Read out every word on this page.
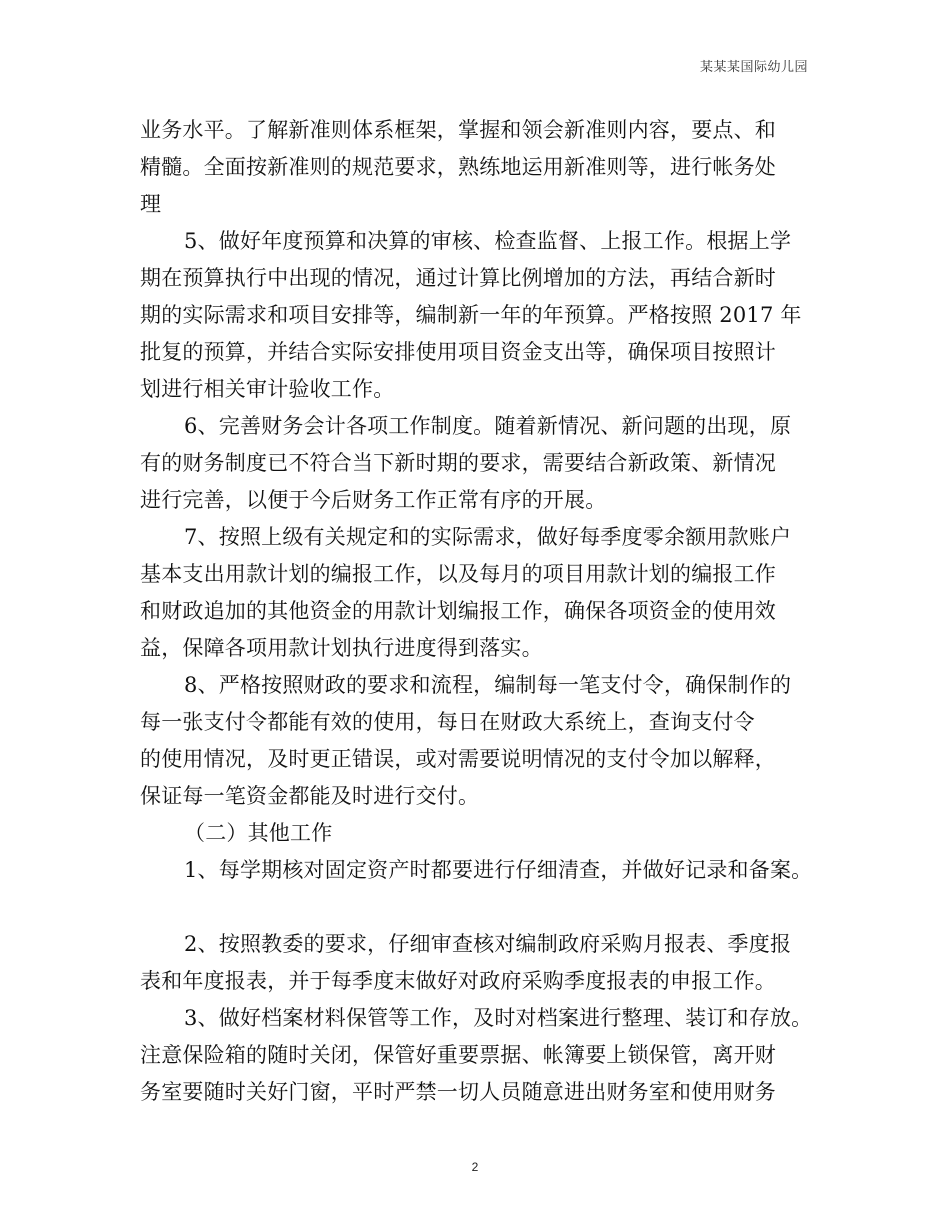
某某某国际幼儿园
业务水平。了解新准则体系框架，掌握和领会新准则内容，要点、和
精髓。全面按新准则的规范要求，熟练地运用新准则等，进行帐务处
理
5、做好年度预算和决算的审核、检查监督、上报工作。根据上学
期在预算执行中出现的情况，通过计算比例增加的方法，再结合新时
期的实际需求和项目安排等，编制新一年的年预算。严格按照 2017 年
批复的预算，并结合实际安排使用项目资金支出等，确保项目按照计
划进行相关审计验收工作。
6、完善财务会计各项工作制度。随着新情况、新问题的出现，原
有的财务制度已不符合当下新时期的要求，需要结合新政策、新情况
进行完善，以便于今后财务工作正常有序的开展。
7、按照上级有关规定和的实际需求，做好每季度零余额用款账户
基本支出用款计划的编报工作，以及每月的项目用款计划的编报工作
和财政追加的其他资金的用款计划编报工作，确保各项资金的使用效
益，保障各项用款计划执行进度得到落实。
8、严格按照财政的要求和流程，编制每一笔支付令，确保制作的
每一张支付令都能有效的使用，每日在财政大系统上，查询支付令
的使用情况，及时更正错误，或对需要说明情况的支付令加以解释，
保证每一笔资金都能及时进行交付。
（二）其他工作
1、每学期核对固定资产时都要进行仔细清查，并做好记录和备案。
2、按照教委的要求，仔细审查核对编制政府采购月报表、季度报
表和年度报表，并于每季度末做好对政府采购季度报表的申报工作。
3、做好档案材料保管等工作，及时对档案进行整理、装订和存放。
注意保险箱的随时关闭，保管好重要票据、帐簿要上锁保管，离开财
务室要随时关好门窗，平时严禁一切人员随意进出财务室和使用财务
2
